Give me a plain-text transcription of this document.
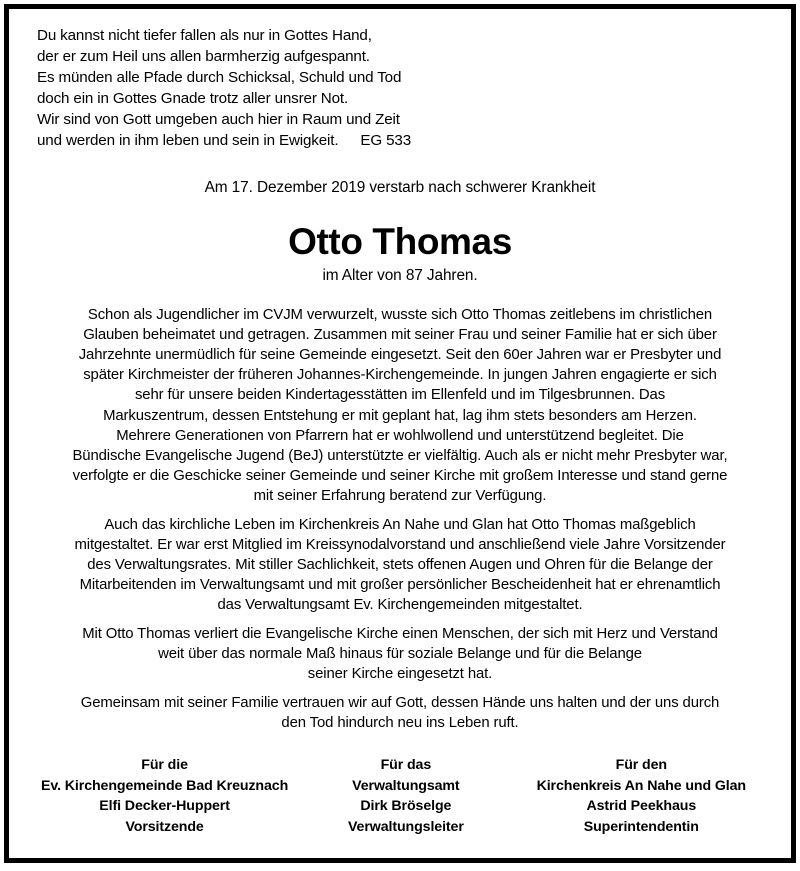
Du kannst nicht tiefer fallen als nur in Gottes Hand,
der er zum Heil uns allen barmherzig aufgespannt.
Es münden alle Pfade durch Schicksal, Schuld und Tod
doch ein in Gottes Gnade trotz aller unsrer Not.
Wir sind von Gott umgeben auch hier in Raum und Zeit
und werden in ihm leben und sein in Ewigkeit. EG 533
Am 17. Dezember 2019 verstarb nach schwerer Krankheit
Otto Thomas
im Alter von 87 Jahren.
Schon als Jugendlicher im CVJM verwurzelt, wusste sich Otto Thomas zeitlebens im christlichen
Glauben beheimatet und getragen. Zusammen mit seiner Frau und seiner Familie hat er sich über
Jahrzehnte unermüdlich für seine Gemeinde eingesetzt. Seit den 60er Jahren war er Presbyter und
später Kirchmeister der früheren Johannes-Kirchengemeinde. In jungen Jahren engagierte er sich
sehr für unsere beiden Kindertagesstätten im Ellenfeld und im Tilgesbrunnen. Das
Markuszentrum, dessen Entstehung er mit geplant hat, lag ihm stets besonders am Herzen.
Mehrere Generationen von Pfarrern hat er wohlwollend und unterstützend begleitet. Die
Bündische Evangelische Jugend (BeJ) unterstützte er vielfältig. Auch als er nicht mehr Presbyter war,
verfolgte er die Geschicke seiner Gemeinde und seiner Kirche mit großem Interesse und stand gerne
mit seiner Erfahrung beratend zur Verfügung.
Auch das kirchliche Leben im Kirchenkreis An Nahe und Glan hat Otto Thomas maßgeblich
mitgestaltet. Er war erst Mitglied im Kreissynodalvorstand und anschließend viele Jahre Vorsitzender
des Verwaltungsrates. Mit stiller Sachlichkeit, stets offenen Augen und Ohren für die Belange der
Mitarbeitenden im Verwaltungsamt und mit großer persönlicher Bescheidenheit hat er ehrenamtlich
das Verwaltungsamt Ev. Kirchengemeinden mitgestaltet.
Mit Otto Thomas verliert die Evangelische Kirche einen Menschen, der sich mit Herz und Verstand
weit über das normale Maß hinaus für soziale Belange und für die Belange
seiner Kirche eingesetzt hat.
Gemeinsam mit seiner Familie vertrauen wir auf Gott, dessen Hände uns halten und der uns durch
den Tod hindurch neu ins Leben ruft.
Für die
Ev. Kirchengemeinde Bad Kreuznach
Elfi Decker-Huppert
Vorsitzende
Für das
Verwaltungsamt
Dirk Bröselge
Verwaltungsleiter
Für den
Kirchenkreis An Nahe und Glan
Astrid Peekhaus
Superintendentin
